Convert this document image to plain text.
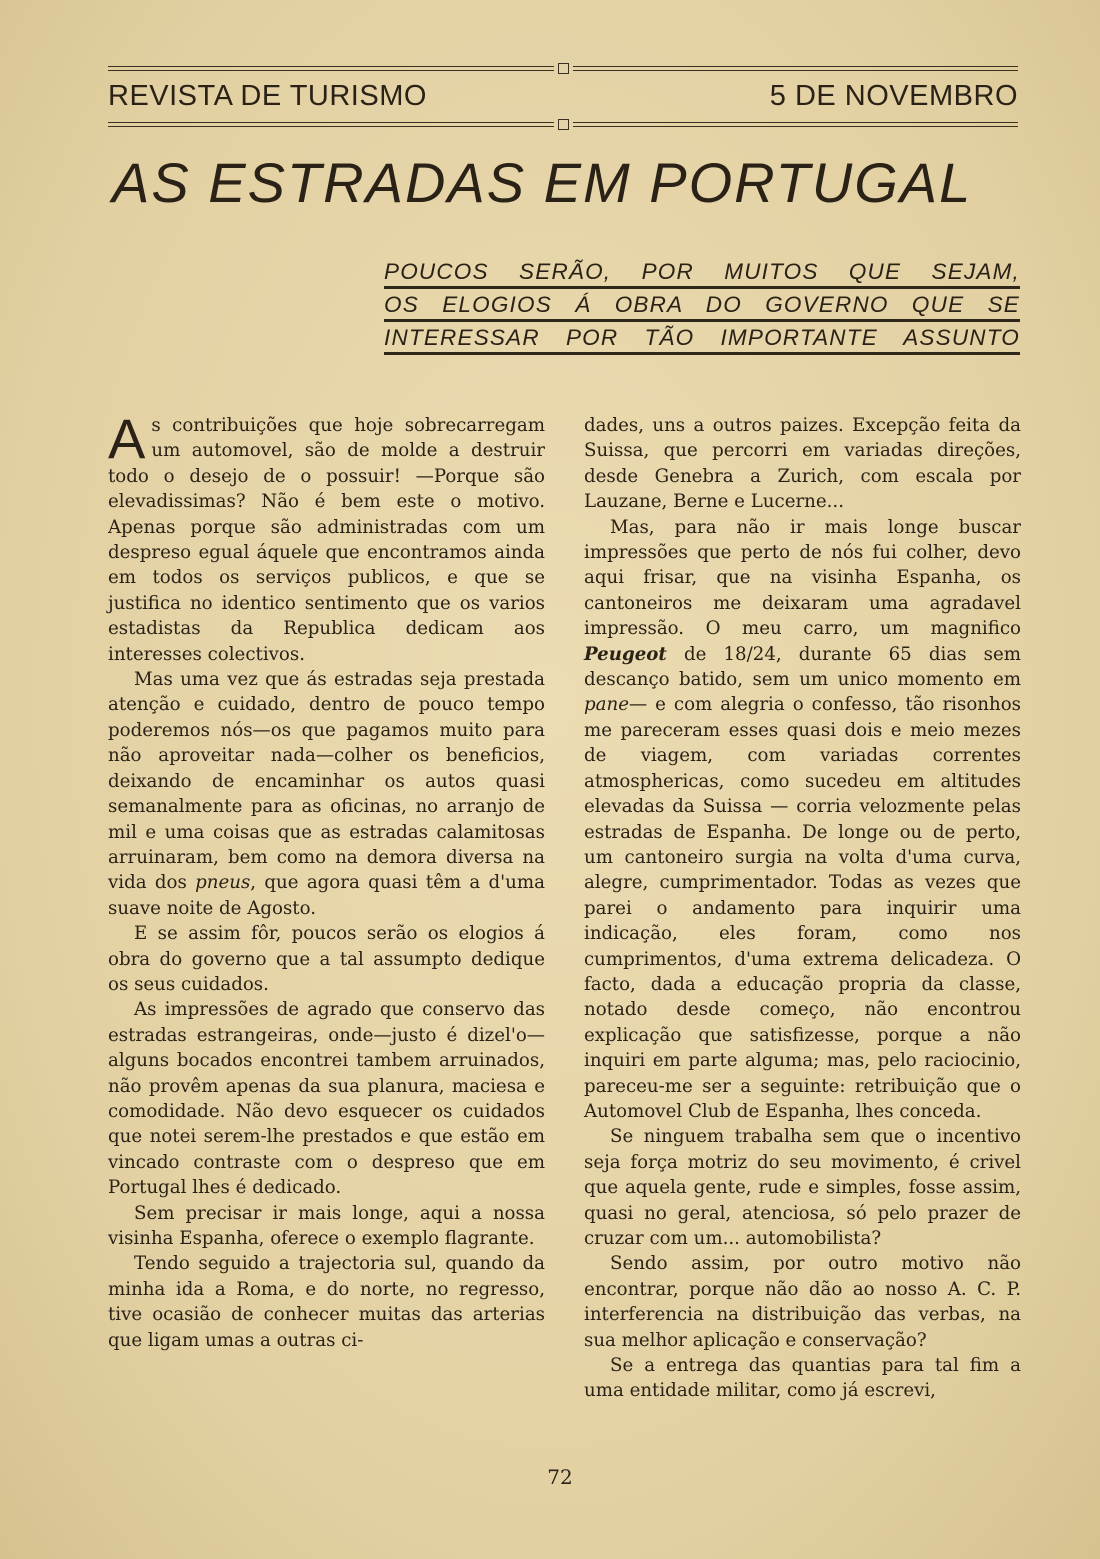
REVISTA DE TURISMO	5 DE NOVEMBRO
AS ESTRADAS EM PORTUGAL
POUCOS SERÃO, POR MUITOS QUE SEJAM,
OS ELOGIOS Á OBRA DO GOVERNO QUE SE
INTERESSAR POR TÃO IMPORTANTE ASSUNTO

As contribuições que hoje sobrecarregam um automovel, são de molde a destruir todo o desejo de o possuir! —Porque são elevadissimas? Não é bem este o motivo. Apenas porque são administradas com um despreso egual áquele que encontramos ainda em todos os serviços publicos, e que se justifica no identico sentimento que os varios estadistas da Republica dedicam aos interesses colectivos.

Mas uma vez que ás estradas seja prestada atenção e cuidado, dentro de pouco tempo poderemos nós—os que pagamos muito para não aproveitar nada—colher os beneficios, deixando de encaminhar os autos quasi semanalmente para as oficinas, no arranjo de mil e uma coisas que as estradas calamitosas arruinaram, bem como na demora diversa na vida dos pneus, que agora quasi têm a d'uma suave noite de Agosto.

E se assim fôr, poucos serão os elogios á obra do governo que a tal assumpto dedique os seus cuidados.

As impressões de agrado que conservo das estradas estrangeiras, onde—justo é dizel'o—alguns bocados encontrei tambem arruinados, não provêm apenas da sua planura, maciesa e comodidade. Não devo esquecer os cuidados que notei serem-lhe prestados e que estão em vincado contraste com o despreso que em Portugal lhes é dedicado.

Sem precisar ir mais longe, aqui a nossa visinha Espanha, oferece o exemplo flagrante.

Tendo seguido a trajectoria sul, quando da minha ida a Roma, e do norte, no regresso, tive ocasião de conhecer muitas das arterias que ligam umas a outras ci-

dades, uns a outros paizes. Excepção feita da Suissa, que percorri em variadas direções, desde Genebra a Zurich, com escala por Lauzane, Berne e Lucerne...

Mas, para não ir mais longe buscar impressões que perto de nós fui colher, devo aqui frisar, que na visinha Espanha, os cantoneiros me deixaram uma agradavel impressão. O meu carro, um magnifico Peugeot de 18/24, durante 65 dias sem descanço batido, sem um unico momento em pane— e com alegria o confesso, tão risonhos me pareceram esses quasi dois e meio mezes de viagem, com variadas correntes atmosphericas, como sucedeu em altitudes elevadas da Suissa — corria velozmente pelas estradas de Espanha. De longe ou de perto, um cantoneiro surgia na volta d'uma curva, alegre, cumprimentador. Todas as vezes que parei o andamento para inquirir uma indicação, eles foram, como nos cumprimentos, d'uma extrema delicadeza. O facto, dada a educação propria da classe, notado desde começo, não encontrou explicação que satisfizesse, porque a não inquiri em parte alguma; mas, pelo raciocinio, pareceu-me ser a seguinte: retribuição que o Automovel Club de Espanha, lhes conceda.

Se ninguem trabalha sem que o incentivo seja força motriz do seu movimento, é crivel que aquela gente, rude e simples, fosse assim, quasi no geral, atenciosa, só pelo prazer de cruzar com um... automobilista?

Sendo assim, por outro motivo não encontrar, porque não dão ao nosso A. C. P. interferencia na distribuição das verbas, na sua melhor aplicação e conservação?

Se a entrega das quantias para tal fim a uma entidade militar, como já escrevi,

72
